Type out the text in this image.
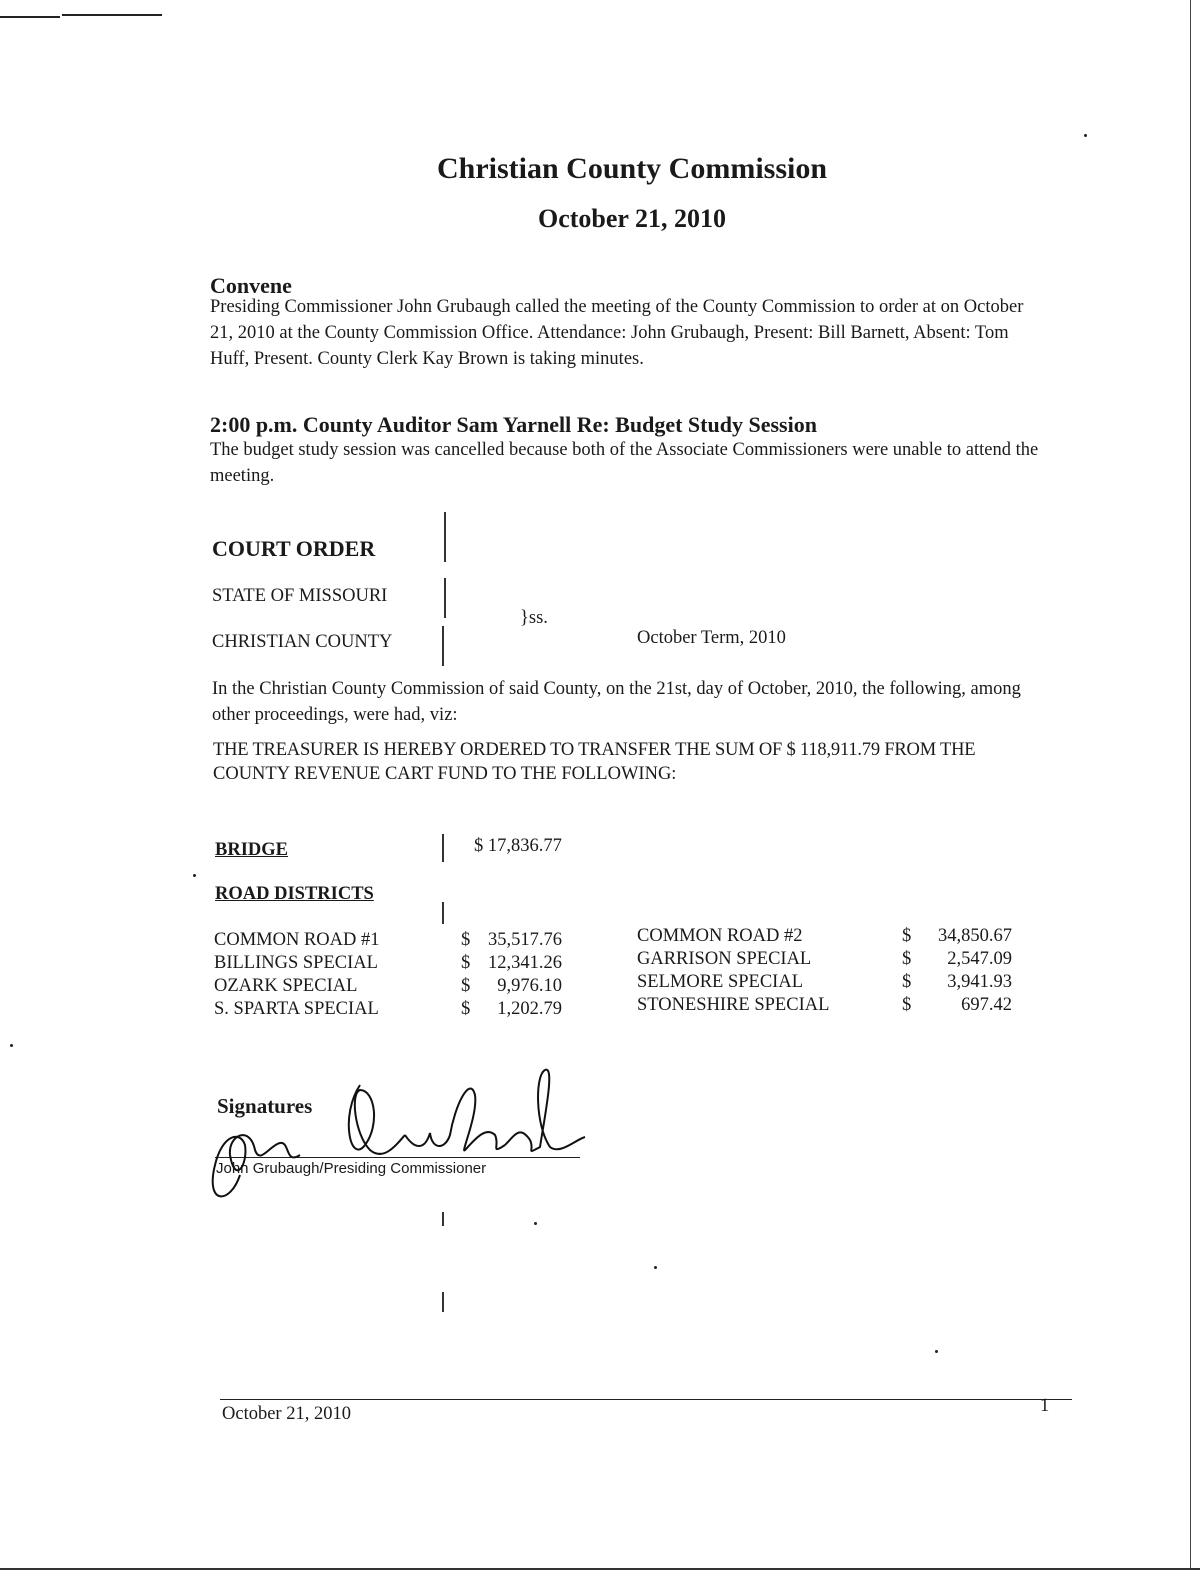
Christian County Commission
October 21, 2010
Convene
Presiding Commissioner John Grubaugh called the meeting of the County Commission to order at on October 21, 2010 at the County Commission Office. Attendance: John Grubaugh, Present: Bill Barnett, Absent: Tom Huff, Present. County Clerk Kay Brown is taking minutes.
2:00 p.m. County Auditor Sam Yarnell Re: Budget Study Session
The budget study session was cancelled because both of the Associate Commissioners were unable to attend the meeting.
COURT ORDER
STATE OF MISSOURI
}ss.
CHRISTIAN COUNTY	October Term, 2010
In the Christian County Commission of said County, on the 21st, day of October, 2010, the following, among other proceedings, were had, viz:
THE TREASURER IS HEREBY ORDERED TO TRANSFER THE SUM OF $ 118,911.79 FROM THE
COUNTY REVENUE CART FUND TO THE FOLLOWING:
BRIDGE	$ 17,836.77
ROAD DISTRICTS
COMMON ROAD #1	$ 35,517.76
BILLINGS SPECIAL	$ 12,341.26
OZARK SPECIAL	$ 9,976.10
S. SPARTA SPECIAL	$ 1,202.79
COMMON ROAD #2	$ 34,850.67
GARRISON SPECIAL	$ 2,547.09
SELMORE SPECIAL	$ 3,941.93
STONESHIRE SPECIAL	$	697.42
Signatures
John Grubaugh/Presiding Commissioner
October 21, 2010	1
